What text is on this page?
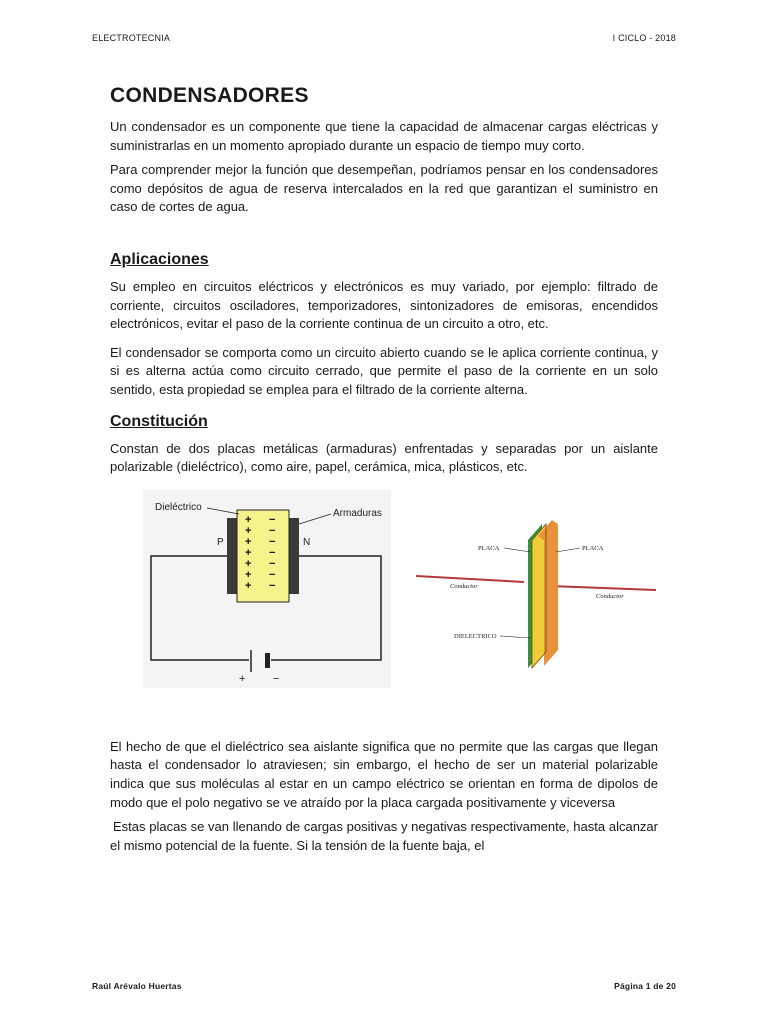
ELECTROTECNIA	I CICLO - 2018
CONDENSADORES

Un condensador es un componente que tiene la capacidad de almacenar cargas eléctricas y suministrarlas en un momento apropiado durante un espacio de tiempo muy corto.

Para comprender mejor la función que desempeñan, podríamos pensar en los condensadores como depósitos de agua de reserva intercalados en la red que garantizan el suministro en caso de cortes de agua.

Aplicaciones

Su empleo en circuitos eléctricos y electrónicos es muy variado, por ejemplo: filtrado de corriente, circuitos osciladores, temporizadores, sintonizadores de emisoras, encendidos electrónicos, evitar el paso de la corriente continua de un circuito a otro, etc.

El condensador se comporta como un circuito abierto cuando se le aplica corriente continua, y si es alterna actúa como circuito cerrado, que permite el paso de la corriente en un solo sentido, esta propiedad se emplea para el filtrado de la corriente alterna.

Constitución

Constan de dos placas metálicas (armaduras) enfrentadas y separadas por un aislante polarizable (dieléctrico), como aire, papel, cerámica, mica, plásticos, etc.

+
+
+
+
+
+
+
−
−
−
−
−
−
−
Dieléctrico
Armaduras
P	N
+	−
PLACA	PLACA
Conductor
Conductor
DIELECTRICO

El hecho de que el dieléctrico sea aislante significa que no permite que las cargas que llegan hasta el condensador lo atraviesen; sin embargo, el hecho de ser un material polarizable indica que sus moléculas al estar en un campo eléctrico se orientan en forma de dipolos de modo que el polo negativo se ve atraído por la placa cargada positivamente y viceversa

Estas placas se van llenando de cargas positivas y negativas respectivamente, hasta alcanzar el mismo potencial de la fuente. Si la tensión de la fuente baja, el

Raúl Arévalo Huertas	Página 1 de 20
